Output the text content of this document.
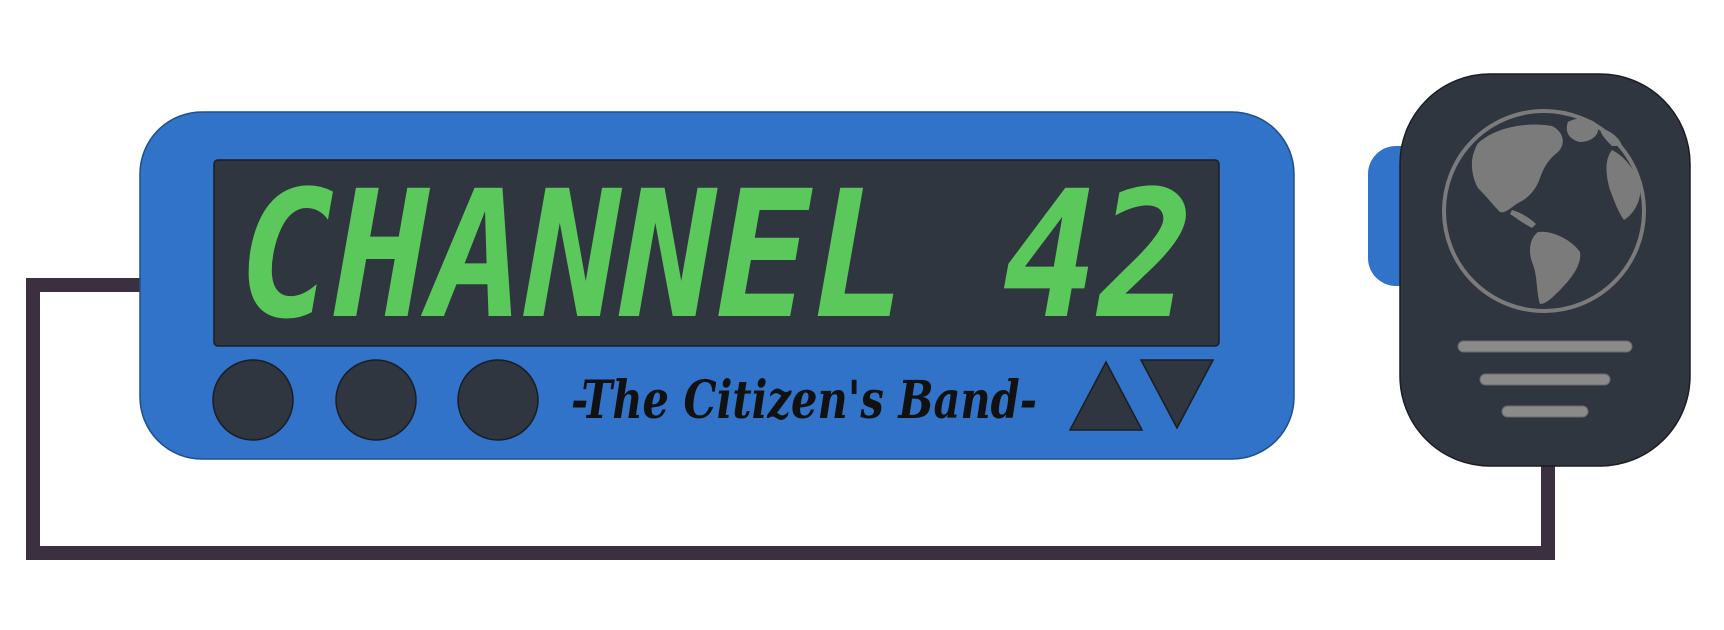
CHANNEL 42
-The Citizen's Band-
